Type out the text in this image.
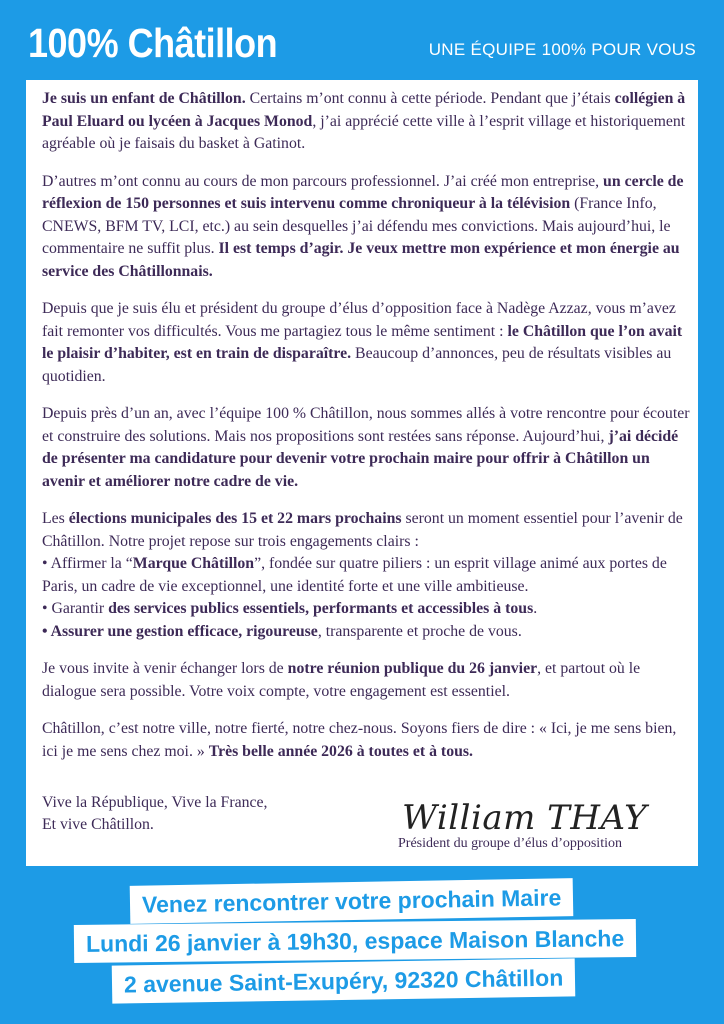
100% Châtillon	UNE ÉQUIPE 100% POUR VOUS

Je suis un enfant de Châtillon. Certains m’ont connu à cette période. Pendant que j’étais collégien à Paul Eluard ou lycéen à Jacques Monod, j’ai apprécié cette ville à l’esprit village et historiquement agréable où je faisais du basket à Gatinot.

D’autres m’ont connu au cours de mon parcours professionnel. J’ai créé mon entreprise, un cercle de réflexion de 150 personnes et suis intervenu comme chroniqueur à la télévision (France Info, CNEWS, BFM TV, LCI, etc.) au sein desquelles j’ai défendu mes convictions. Mais aujourd’hui, le commentaire ne suffit plus. Il est temps d’agir. Je veux mettre mon expérience et mon énergie au service des Châtillonnais.

Depuis que je suis élu et président du groupe d’élus d’opposition face à Nadège Azzaz, vous m’avez fait remonter vos difficultés. Vous me partagiez tous le même sentiment : le Châtillon que l’on avait le plaisir d’habiter, est en train de disparaître. Beaucoup d’annonces, peu de résultats visibles au quotidien.

Depuis près d’un an, avec l’équipe 100 % Châtillon, nous sommes allés à votre rencontre pour écouter et construire des solutions. Mais nos propositions sont restées sans réponse. Aujourd’hui, j’ai décidé de présenter ma candidature pour devenir votre prochain maire pour offrir à Châtillon un avenir et améliorer notre cadre de vie.

Les élections municipales des 15 et 22 mars prochains seront un moment essentiel pour l’avenir de Châtillon. Notre projet repose sur trois engagements clairs :
• Affirmer la “Marque Châtillon”, fondée sur quatre piliers : un esprit village animé aux portes de Paris, un cadre de vie exceptionnel, une identité forte et une ville ambitieuse.
• Garantir des services publics essentiels, performants et accessibles à tous.
• Assurer une gestion efficace, rigoureuse, transparente et proche de vous.

Je vous invite à venir échanger lors de notre réunion publique du 26 janvier, et partout où le dialogue sera possible. Votre voix compte, votre engagement est essentiel.

Châtillon, c’est notre ville, notre fierté, notre chez-nous. Soyons fiers de dire : « Ici, je me sens bien, ici je me sens chez moi. » Très belle année 2026 à toutes et à tous.

Vive la République, Vive la France,
Et vive Châtillon.	William THAY
Président du groupe d’élus d’opposition
Venez rencontrer votre prochain Maire
Lundi 26 janvier à 19h30, espace Maison Blanche
2 avenue Saint-Exupéry, 92320 Châtillon
